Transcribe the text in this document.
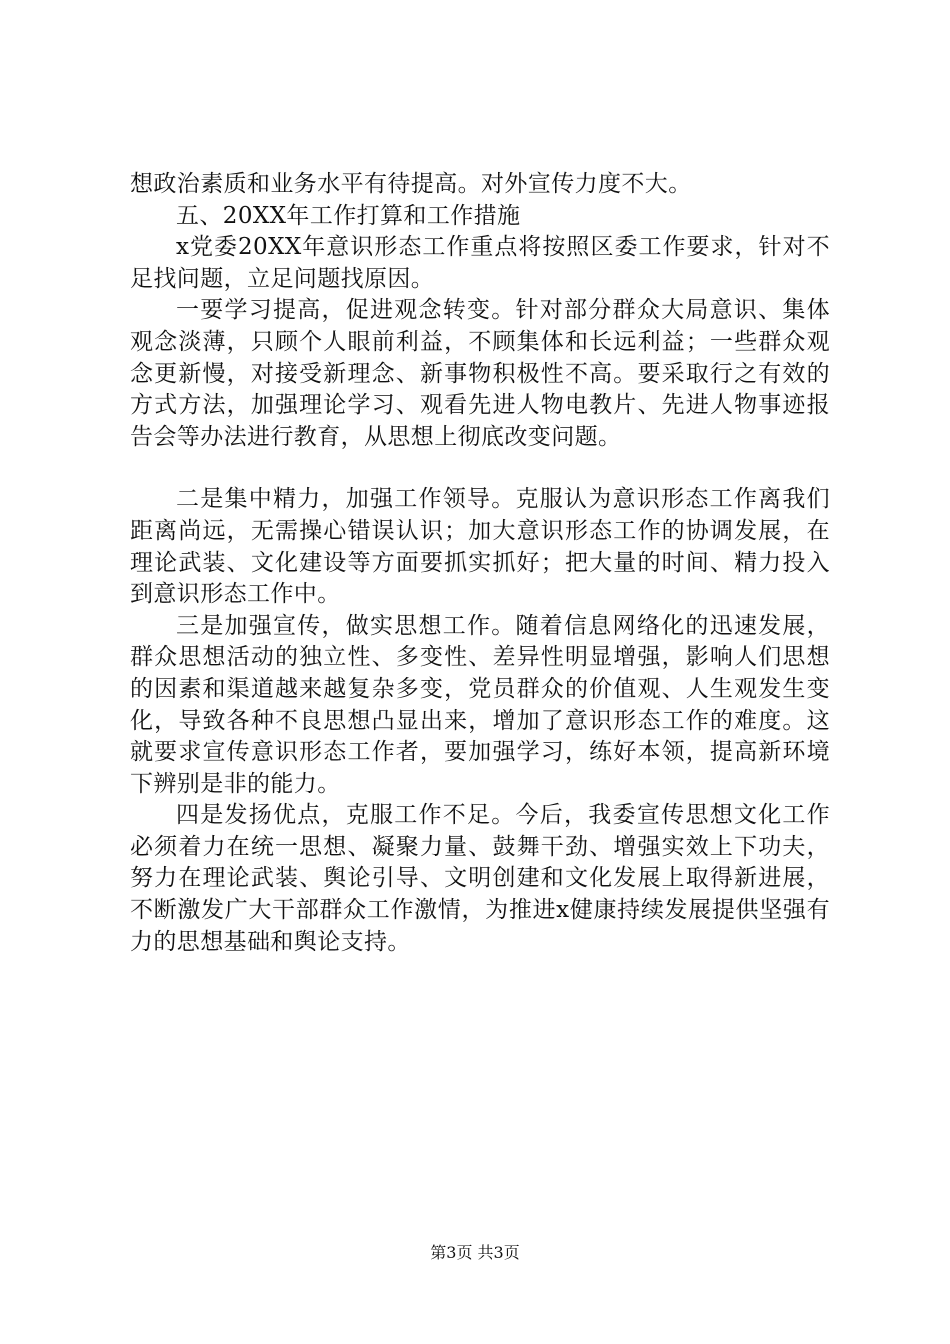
想政治素质和业务水平有待提高。对外宣传力度不大。

五、20XX年工作打算和工作措施

x党委20XX年意识形态工作重点将按照区委工作要求，针对不足找问题，立足问题找原因。

一要学习提高，促进观念转变。针对部分群众大局意识、集体观念淡薄，只顾个人眼前利益，不顾集体和长远利益；一些群众观念更新慢，对接受新理念、新事物积极性不高。要采取行之有效的方式方法，加强理论学习、观看先进人物电教片、先进人物事迹报告会等办法进行教育，从思想上彻底改变问题。

二是集中精力，加强工作领导。克服认为意识形态工作离我们距离尚远，无需操心错误认识；加大意识形态工作的协调发展，在理论武装、文化建设等方面要抓实抓好；把大量的时间、精力投入到意识形态工作中。

三是加强宣传，做实思想工作。随着信息网络化的迅速发展，群众思想活动的独立性、多变性、差异性明显增强，影响人们思想的因素和渠道越来越复杂多变，党员群众的价值观、人生观发生变化，导致各种不良思想凸显出来，增加了意识形态工作的难度。这就要求宣传意识形态工作者，要加强学习，练好本领，提高新环境下辨别是非的能力。

四是发扬优点，克服工作不足。今后，我委宣传思想文化工作必须着力在统一思想、凝聚力量、鼓舞干劲、增强实效上下功夫，努力在理论武装、舆论引导、文明创建和文化发展上取得新进展，不断激发广大干部群众工作激情，为推进x健康持续发展提供坚强有力的思想基础和舆论支持。

第3页 共3页
